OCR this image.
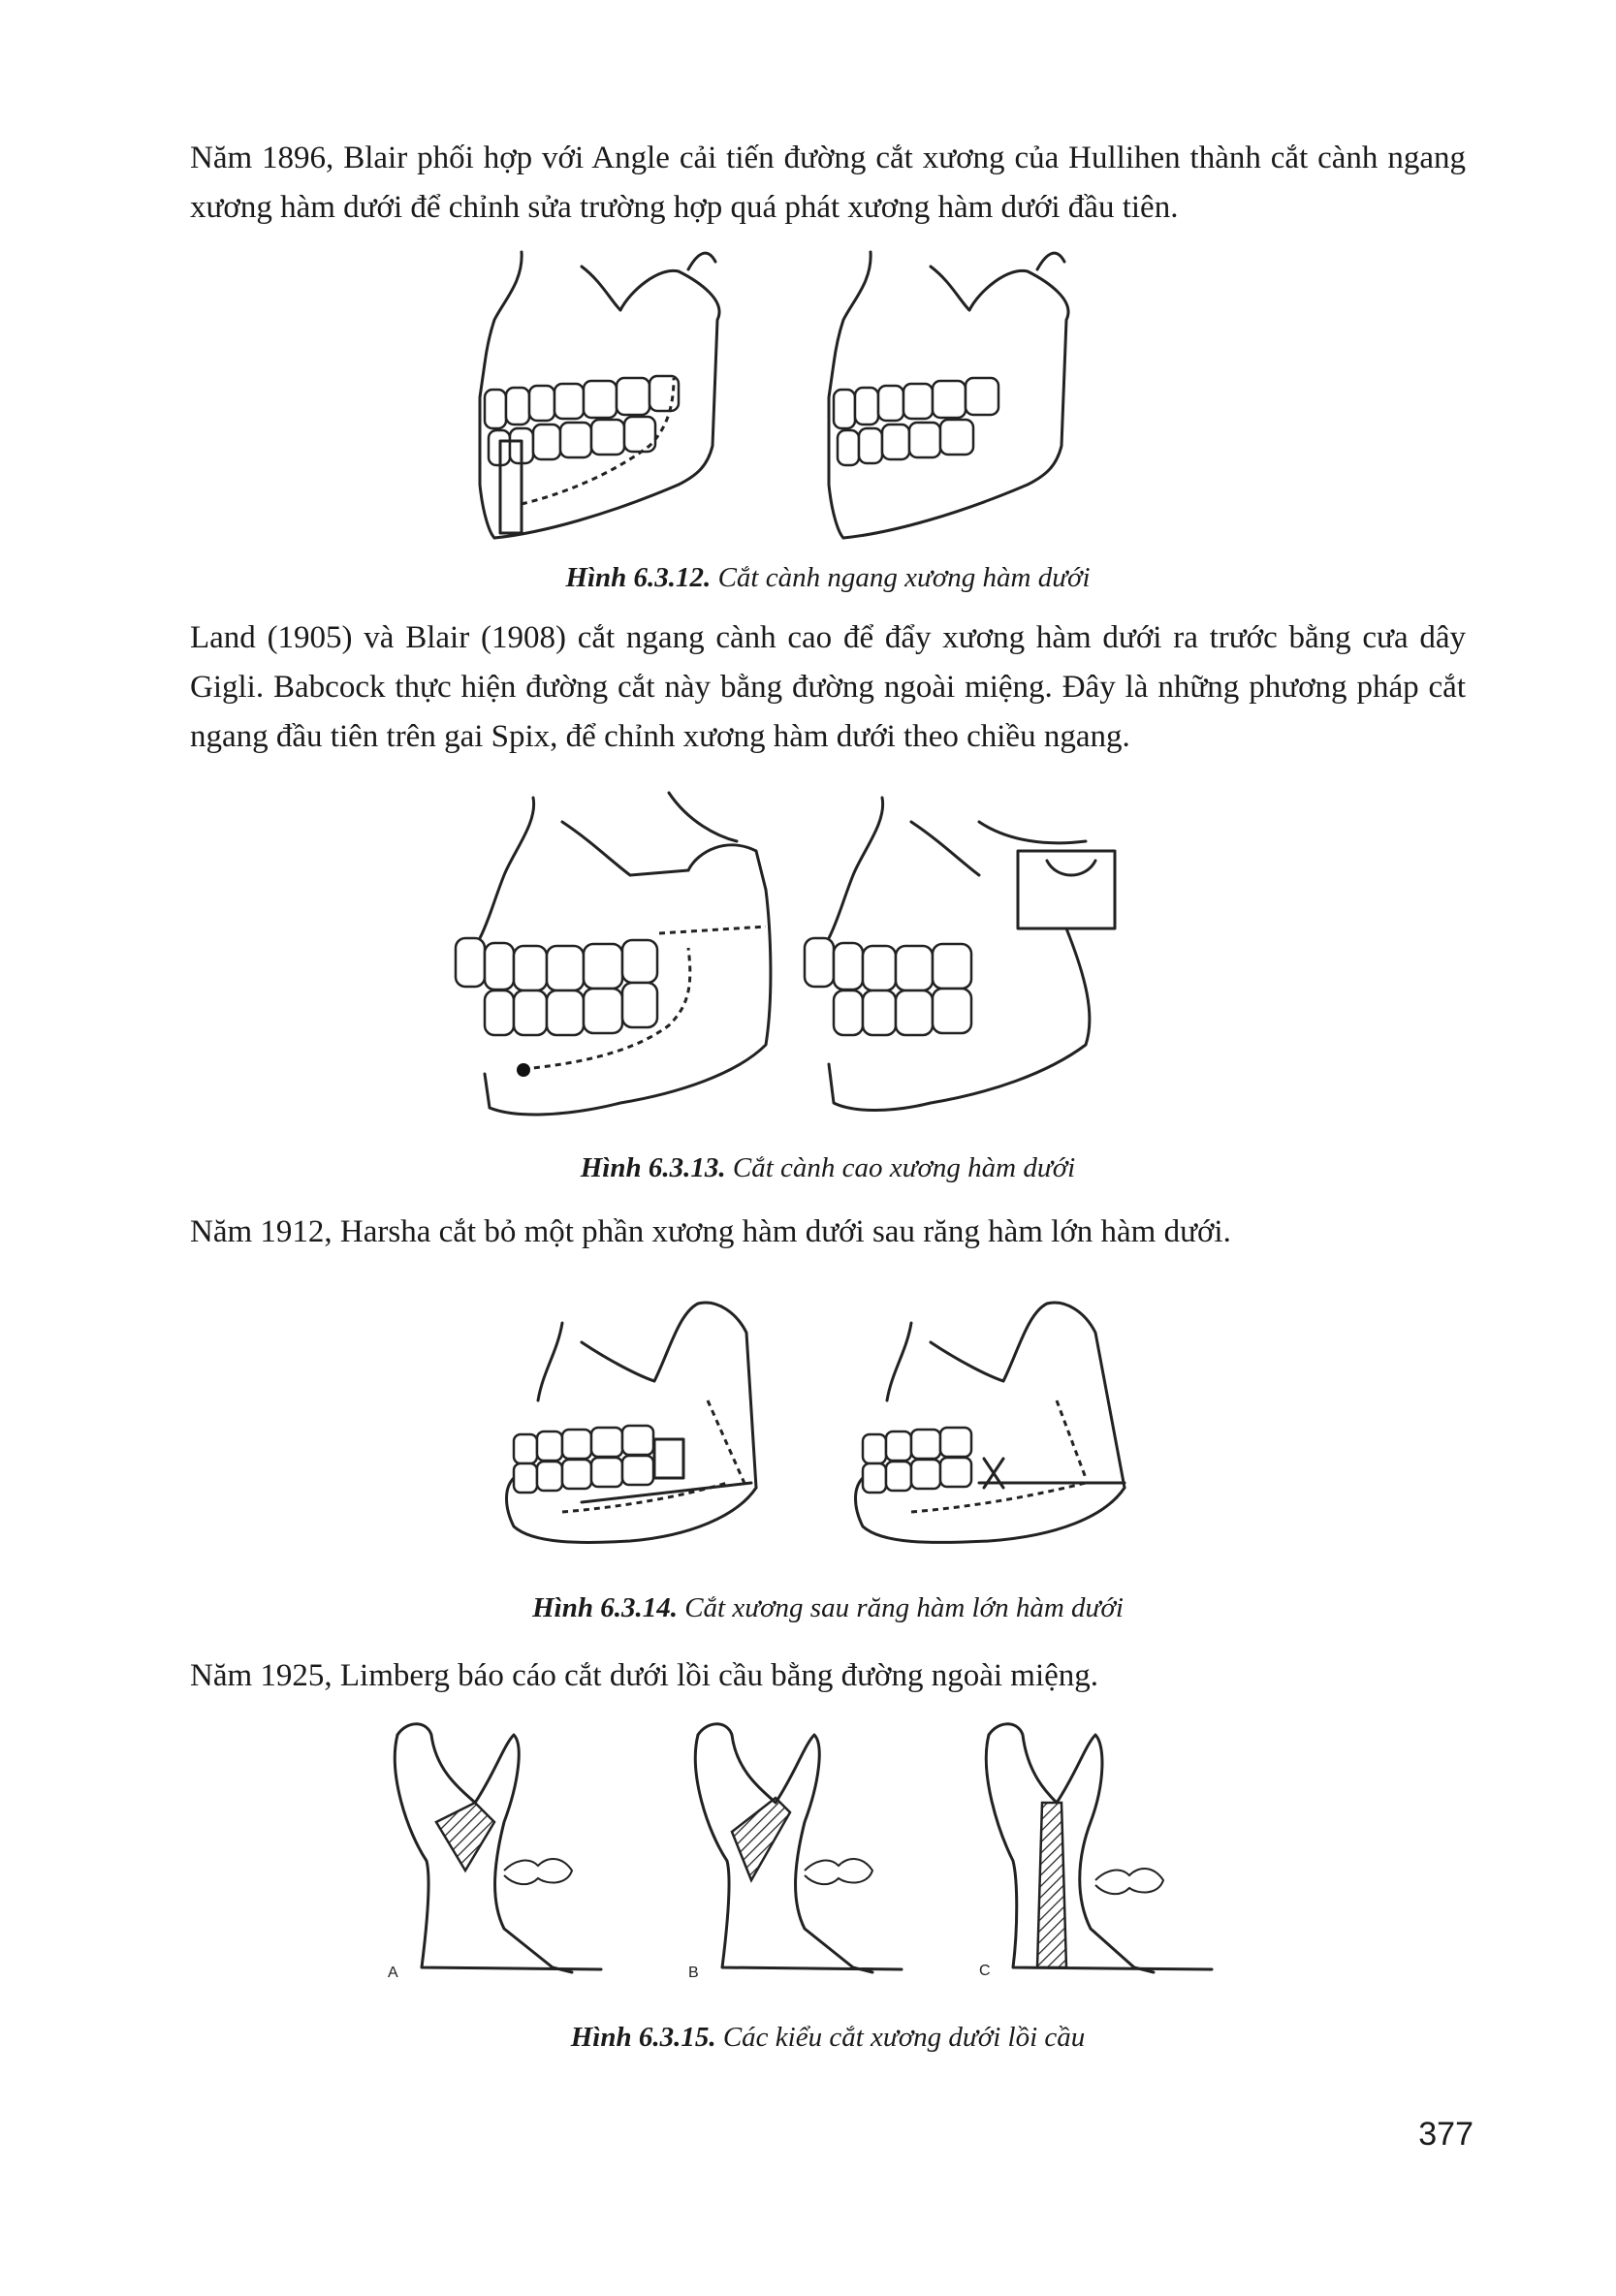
Năm 1896, Blair phối hợp với Angle cải tiến đường cắt xương của Hullihen thành cắt cành ngang xương hàm dưới để chỉnh sửa trường hợp quá phát xương hàm dưới đầu tiên.

Hình 6.3.12. Cắt cành ngang xương hàm dưới

Land (1905) và Blair (1908) cắt ngang cành cao để đẩy xương hàm dưới ra trước bằng cưa dây Gigli. Babcock thực hiện đường cắt này bằng đường ngoài miệng. Đây là những phương pháp cắt ngang đầu tiên trên gai Spix, để chỉnh xương hàm dưới theo chiều ngang.

Hình 6.3.13. Cắt cành cao xương hàm dưới

Năm 1912, Harsha cắt bỏ một phần xương hàm dưới sau răng hàm lớn hàm dưới.

Hình 6.3.14. Cắt xương sau răng hàm lớn hàm dưới

Năm 1925, Limberg báo cáo cắt dưới lồi cầu bằng đường ngoài miệng.

A	B	C

Hình 6.3.15. Các kiểu cắt xương dưới lồi cầu

377
